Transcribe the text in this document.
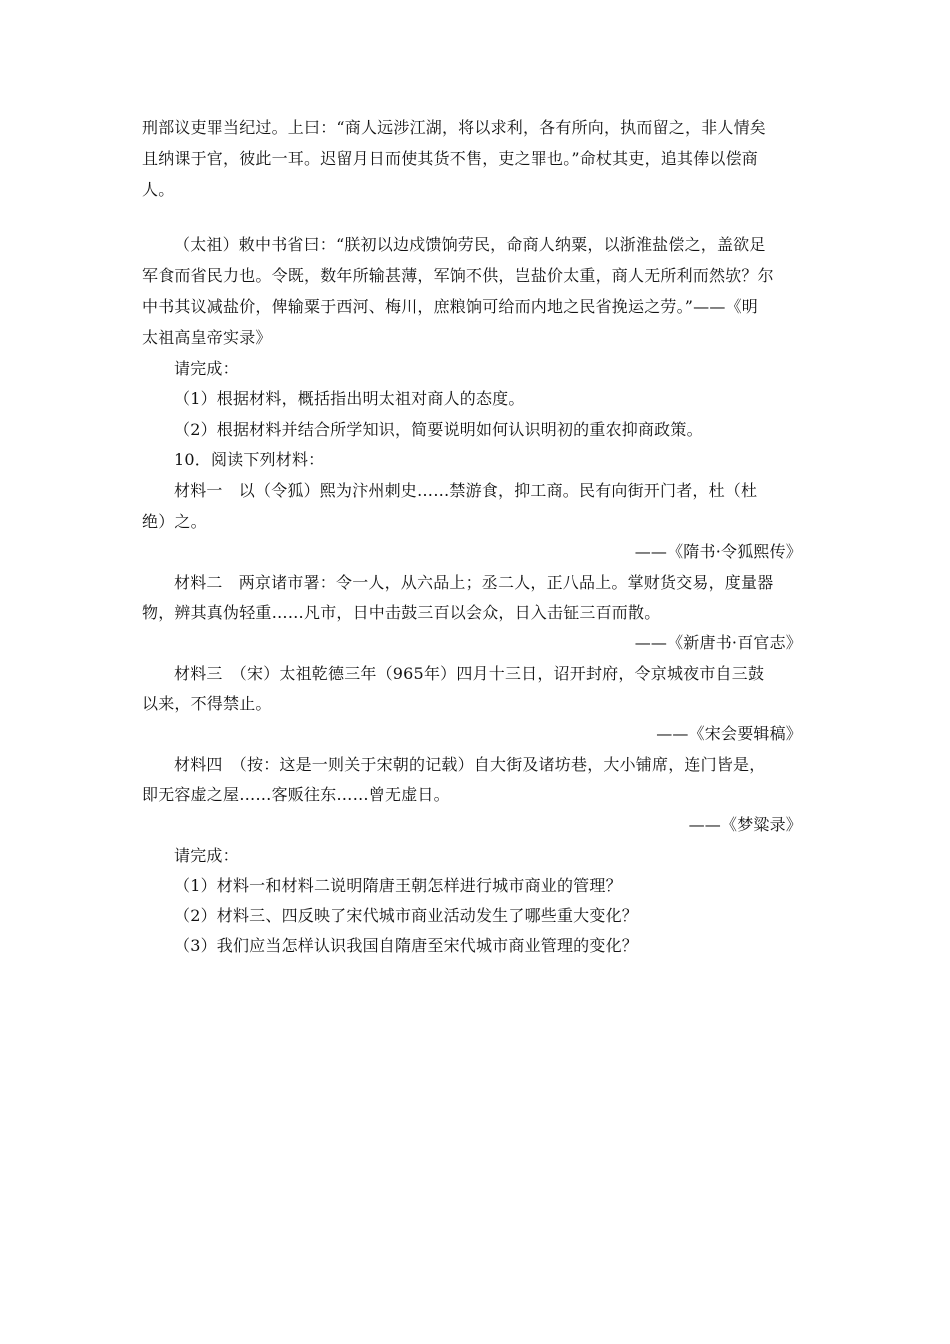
刑部议吏罪当纪过。上曰：“商人远涉江湖，将以求利，各有所向，执而留之，非人情矣
且纳课于官，彼此一耳。迟留月日而使其货不售，吏之罪也。”命杖其吏，追其俸以偿商
人。
（太祖）敕中书省曰：“朕初以边戍馈饷劳民，命商人纳粟，以浙淮盐偿之，盖欲足
军食而省民力也。令既，数年所输甚薄，军饷不供，岂盐价太重，商人无所利而然欤？尔
中书其议减盐价，俾输粟于西河、梅川，庶粮饷可给而内地之民省挽运之劳。”——《明
太祖高皇帝实录》
请完成：
（1）根据材料，概括指出明太祖对商人的态度。
（2）根据材料并结合所学知识，简要说明如何认识明初的重农抑商政策。
10．阅读下列材料：
材料一　以（令狐）熙为汴州刺史……禁游食，抑工商。民有向街开门者，杜（杜
绝）之。
——《隋书·令狐熙传》
材料二　两京诸市署：令一人，从六品上；丞二人，正八品上。掌财货交易，度量器
物，辨其真伪轻重……凡市，日中击鼓三百以会众，日入击钲三百而散。
——《新唐书·百官志》
材料三　（宋）太祖乾德三年（965年）四月十三日，诏开封府，令京城夜市自三鼓
以来，不得禁止。
——《宋会要辑稿》
材料四　（按：这是一则关于宋朝的记载）自大街及诸坊巷，大小铺席，连门皆是，
即无容虚之屋……客贩往东……曾无虚日。
——《梦粱录》
请完成：
（1）材料一和材料二说明隋唐王朝怎样进行城市商业的管理？
（2）材料三、四反映了宋代城市商业活动发生了哪些重大变化？
（3）我们应当怎样认识我国自隋唐至宋代城市商业管理的变化？
